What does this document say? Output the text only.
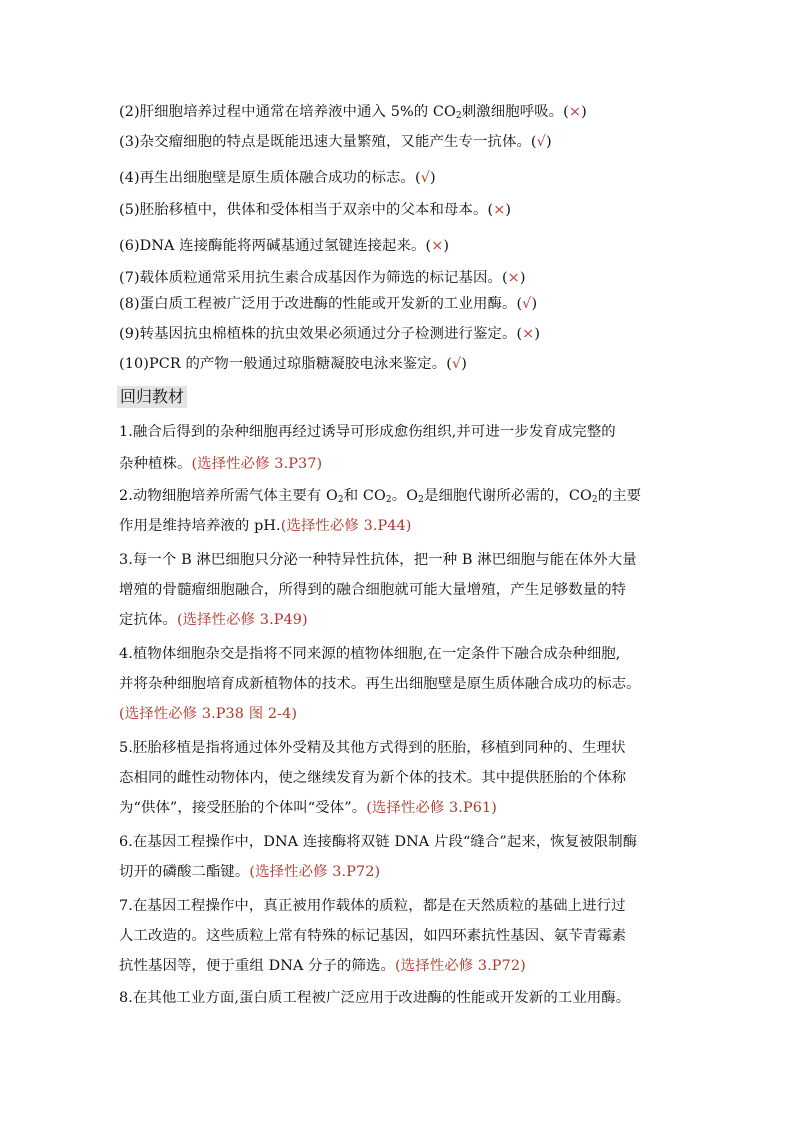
(2)肝细胞培养过程中通常在培养液中通入 5%的 $CO_2$刺激细胞呼吸。(×)
(3)杂交瘤细胞的特点是既能迅速大量繁殖，又能产生专一抗体。(√)
(4)再生出细胞壁是原生质体融合成功的标志。(√)
(5)胚胎移植中，供体和受体相当于双亲中的父本和母本。(×)
(6)DNA 连接酶能将两碱基通过氢键连接起来。(×)
(7)载体质粒通常采用抗生素合成基因作为筛选的标记基因。(×)
(8)蛋白质工程被广泛用于改进酶的性能或开发新的工业用酶。(√)
(9)转基因抗虫棉植株的抗虫效果必须通过分子检测进行鉴定。(×)
(10)PCR 的产物一般通过琼脂糖凝胶电泳来鉴定。(√)
回归教材
1.融合后得到的杂种细胞再经过诱导可形成愈伤组织,并可进一步发育成完整的
杂种植株。(选择性必修 3.P37)
2.动物细胞培养所需气体主要有 $O_2$和 $CO_2$。$O_2$是细胞代谢所必需的，$CO_2$的主要
作用是维持培养液的 pH.(选择性必修 3.P44)
3.每一个 B 淋巴细胞只分泌一种特异性抗体，把一种 B 淋巴细胞与能在体外大量
增殖的骨髓瘤细胞融合，所得到的融合细胞就可能大量增殖，产生足够数量的特
定抗体。(选择性必修 3.P49)
4.植物体细胞杂交是指将不同来源的植物体细胞,在一定条件下融合成杂种细胞,
并将杂种细胞培育成新植物体的技术。再生出细胞壁是原生质体融合成功的标志。
(选择性必修 3.P38 图 2-4)
5.胚胎移植是指将通过体外受精及其他方式得到的胚胎，移植到同种的、生理状
态相同的雌性动物体内，使之继续发育为新个体的技术。其中提供胚胎的个体称
为“供体”，接受胚胎的个体叫“受体”。(选择性必修 3.P61)
6.在基因工程操作中，DNA 连接酶将双链 DNA 片段“缝合”起来，恢复被限制酶
切开的磷酸二酯键。(选择性必修 3.P72)
7.在基因工程操作中，真正被用作载体的质粒，都是在天然质粒的基础上进行过
人工改造的。这些质粒上常有特殊的标记基因，如四环素抗性基因、氨苄青霉素
抗性基因等，便于重组 DNA 分子的筛选。(选择性必修 3.P72)
8.在其他工业方面,蛋白质工程被广泛应用于改进酶的性能或开发新的工业用酶。
